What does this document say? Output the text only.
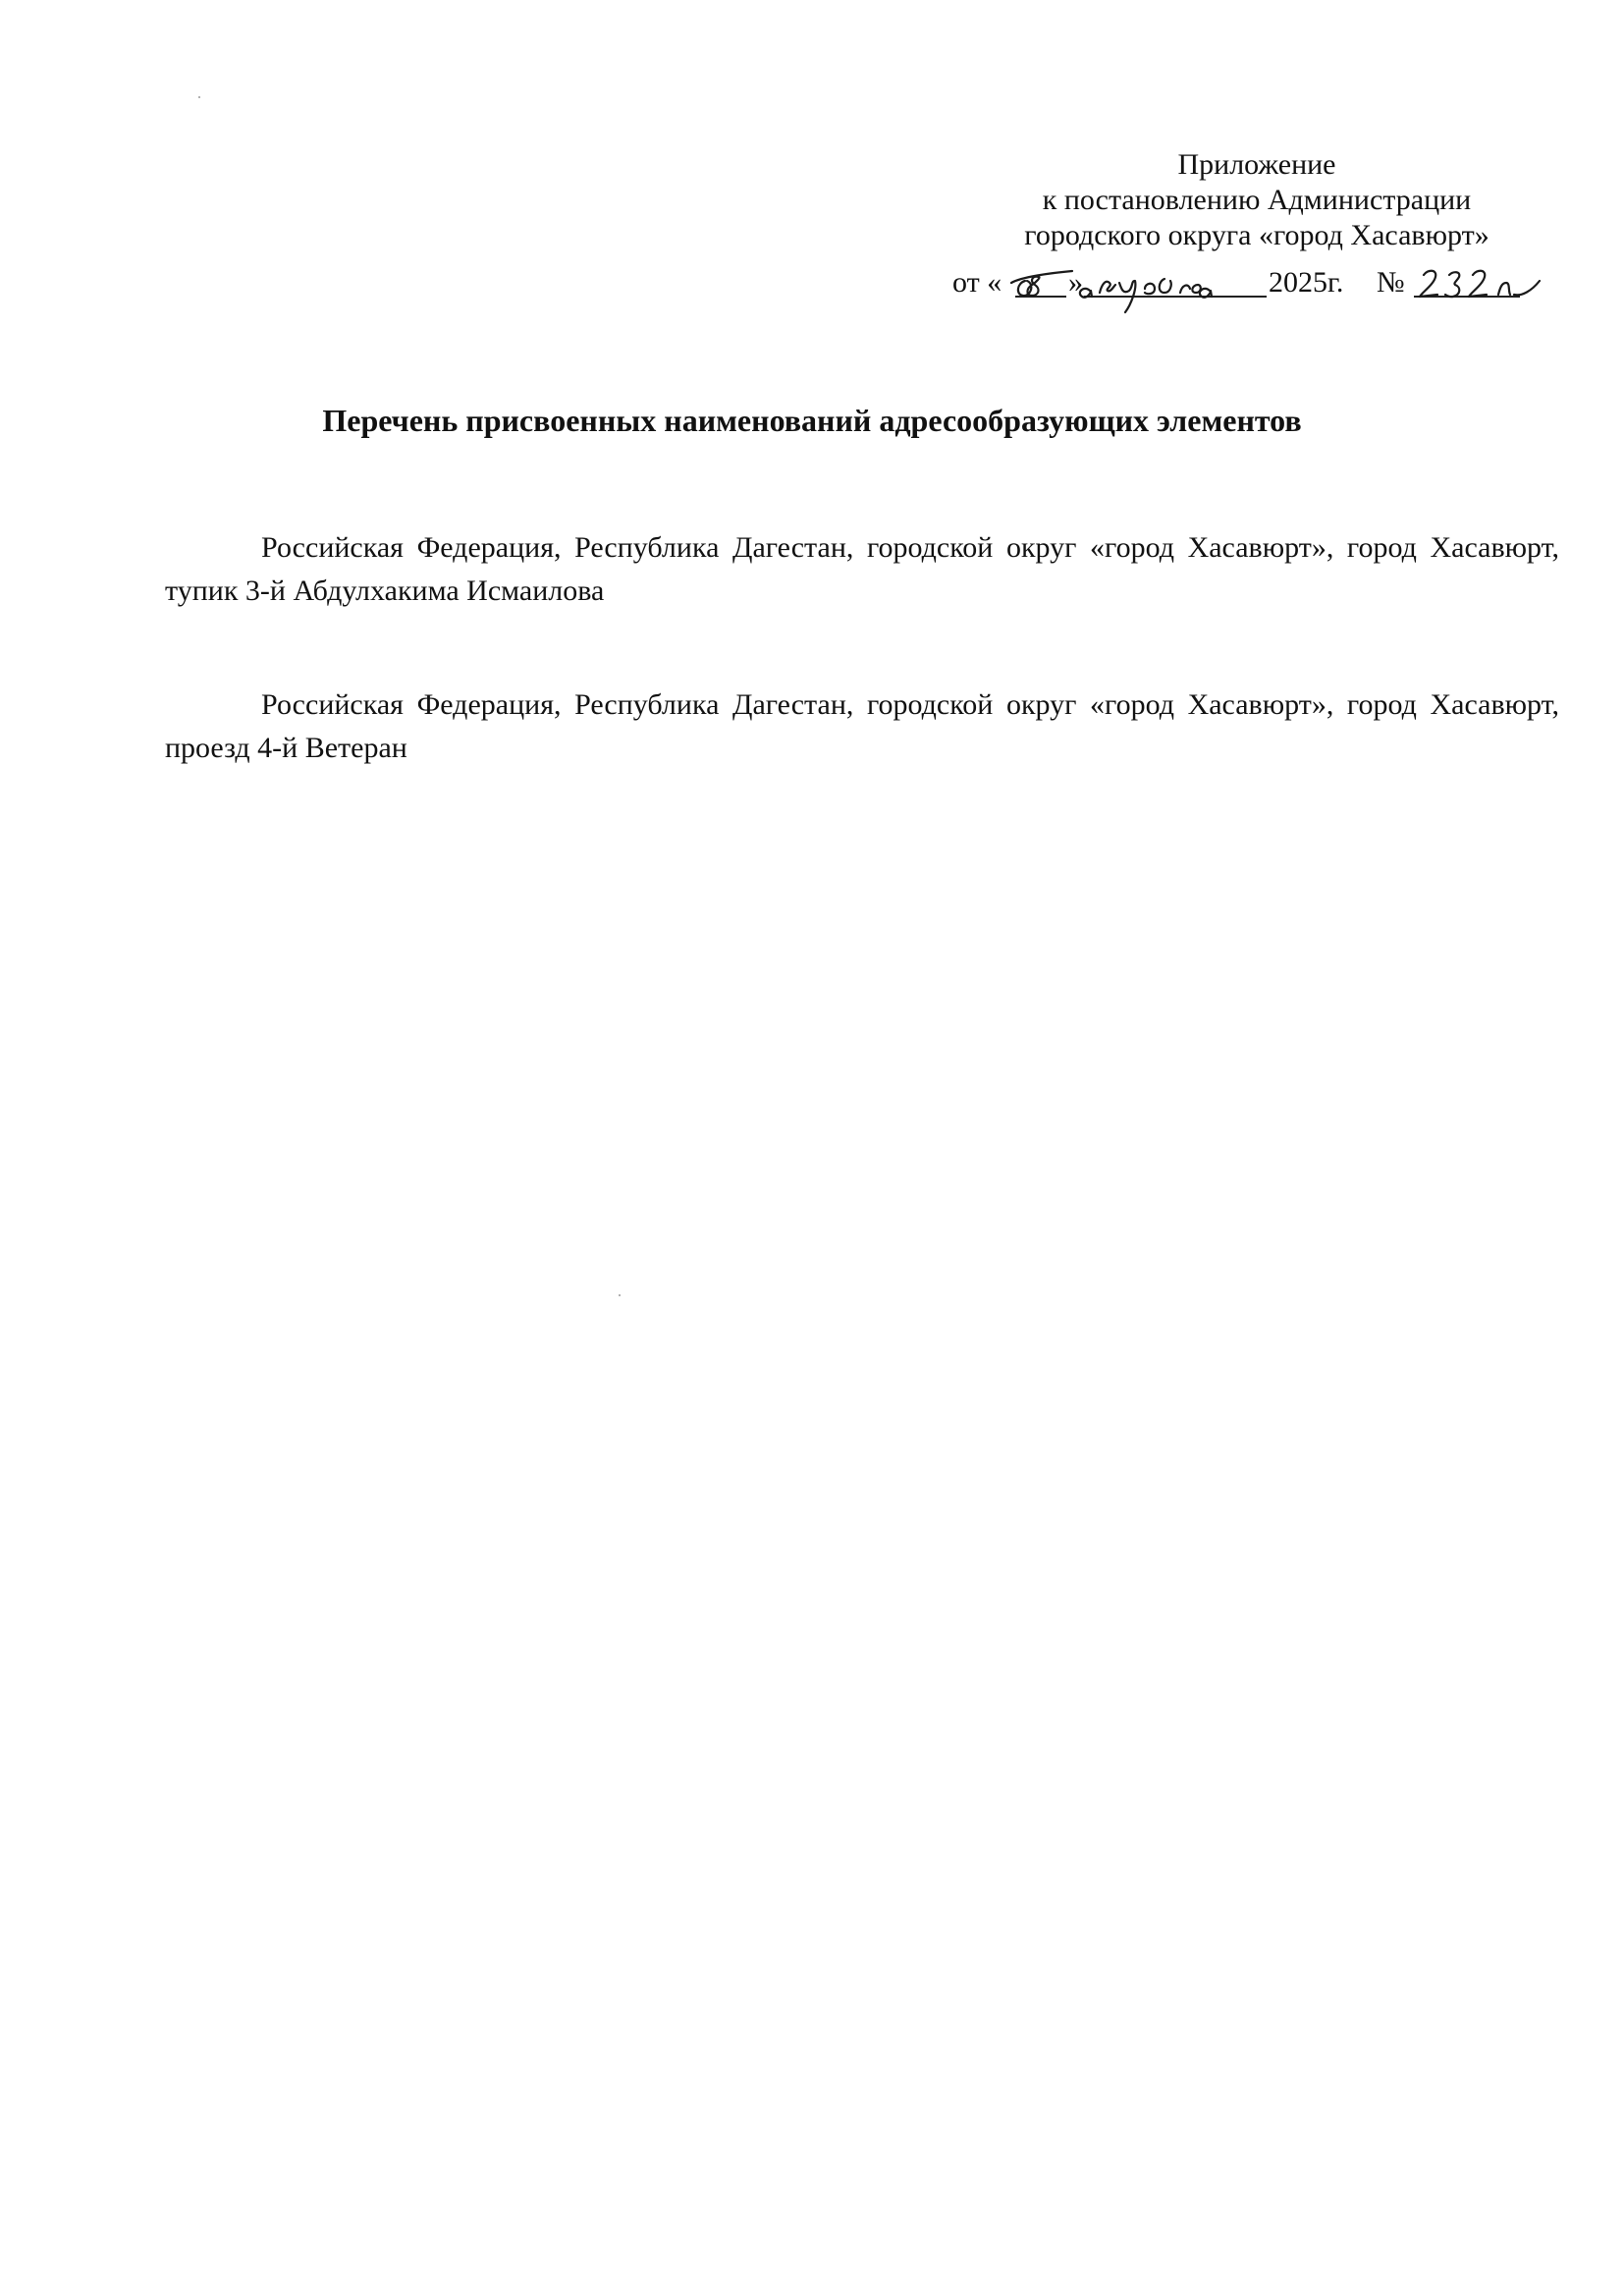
Приложение
к постановлению Администрации
городского округа «город Хасавюрт»
от « »	2025г. №
Перечень присвоенных наименований адресообразующих элементов
Российская Федерация, Республика Дагестан, городской округ «город Хасавюрт», город Хасавюрт, тупик 3-й Абдулхакима Исмаилова
Российская Федерация, Республика Дагестан, городской округ «город Хасавюрт», город Хасавюрт, проезд 4-й Ветеран
